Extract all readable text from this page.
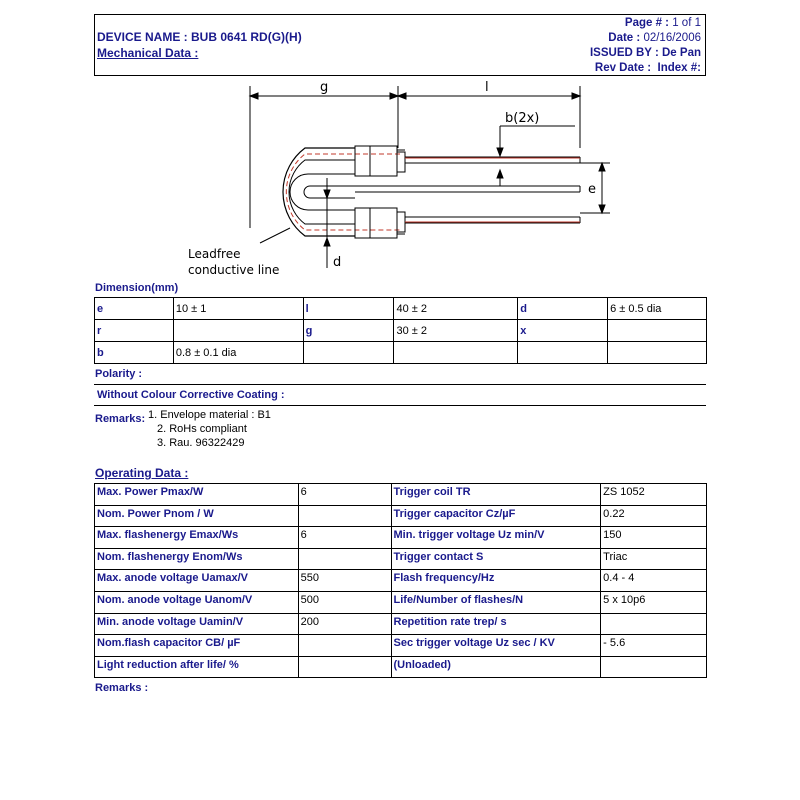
DEVICE NAME : BUB 0641 RD(G)(H)
Mechanical Data :
Page # : 1 of 1
Date : 02/16/2006
ISSUED BY : De Pan
Rev Date : Index #:
g	l
b(2x)
e
d
Leadfree
conductive line
Dimension(mm)
e	10 ± 1	l	40 ± 2	d	6 ± 0.5 dia
r		g	30 ± 2	x	
b	0.8 ± 0.1 dia				
Polarity :
Without Colour Corrective Coating :
Remarks: 1. Envelope material : B1
2. RoHs compliant
3. Rau. 96322429
Operating Data :
Max. Power Pmax/W	6	Trigger coil TR	ZS 1052
Nom. Power Pnom / W		Trigger capacitor Cz/µF	0.22
Max. flashenergy Emax/Ws	6	Min. trigger voltage Uz min/V	150
Nom. flashenergy Enom/Ws		Trigger contact S	Triac
Max. anode voltage Uamax/V	550	Flash frequency/Hz	0.4 - 4
Nom. anode voltage Uanom/V	500	Life/Number of flashes/N	5 x 10p6
Min. anode voltage Uamin/V	200	Repetition rate trep/ s	
Nom.flash capacitor CB/ µF		Sec trigger voltage Uz sec / KV	- 5.6
Light reduction after life/ %		(Unloaded)	
Remarks :
